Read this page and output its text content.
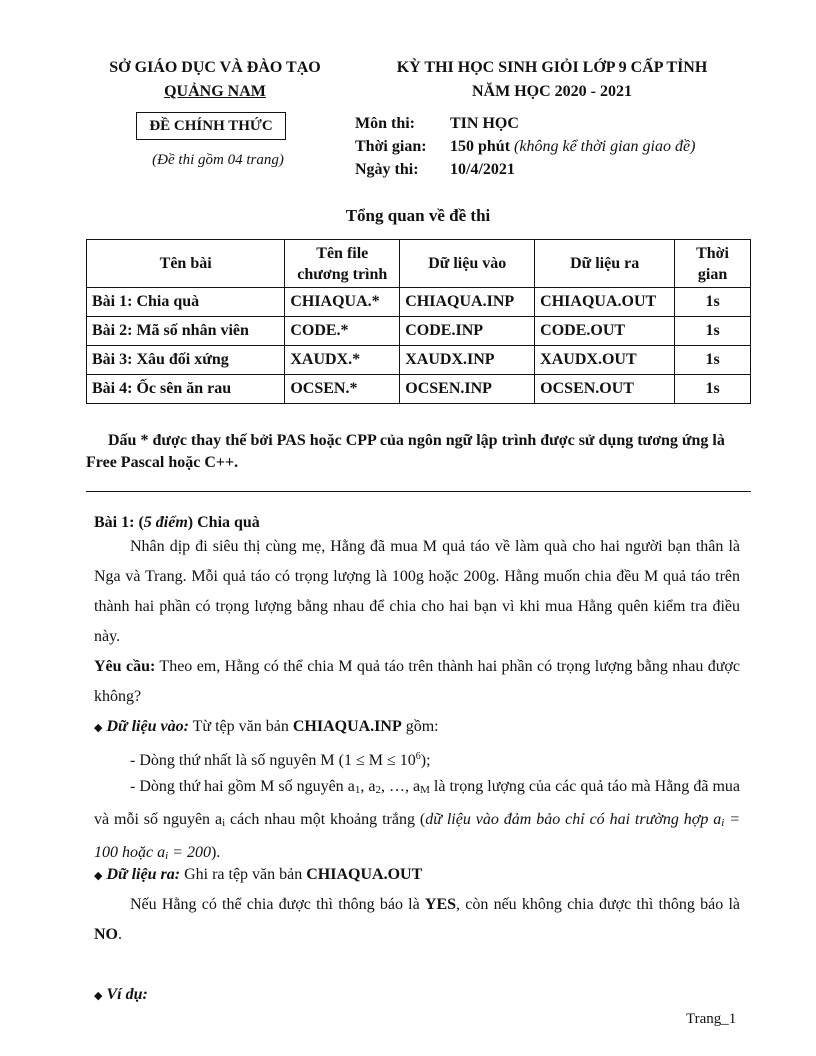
SỞ GIÁO DỤC VÀ ĐÀO TẠO
QUẢNG NAM
KỲ THI HỌC SINH GIỎI LỚP 9 CẤP TỈNH
NĂM HỌC 2020 - 2021
ĐỀ CHÍNH THỨC
(Đề thi gồm 04 trang)
Môn thi: TIN HỌC
Thời gian: 150 phút (không kể thời gian giao đề)
Ngày thi: 10/4/2021
Tổng quan về đề thi
Tên bài	Tên file chương trình	Dữ liệu vào	Dữ liệu ra	Thời gian
Bài 1: Chia quà	CHIAQUA.*	CHIAQUA.INP	CHIAQUA.OUT	1s
Bài 2: Mã số nhân viên	CODE.*	CODE.INP	CODE.OUT	1s
Bài 3: Xâu đối xứng	XAUDX.*	XAUDX.INP	XAUDX.OUT	1s
Bài 4: Ốc sên ăn rau	OCSEN.*	OCSEN.INP	OCSEN.OUT	1s
Dấu * được thay thế bởi PAS hoặc CPP của ngôn ngữ lập trình được sử dụng tương ứng là Free Pascal hoặc C++.
Bài 1: (5 điểm) Chia quà
Nhân dịp đi siêu thị cùng mẹ, Hằng đã mua M quả táo về làm quà cho hai người bạn thân là Nga và Trang. Mỗi quả táo có trọng lượng là 100g hoặc 200g. Hằng muốn chia đều M quả táo trên thành hai phần có trọng lượng bằng nhau để chia cho hai bạn vì khi mua Hằng quên kiểm tra điều này.
Yêu cầu: Theo em, Hằng có thể chia M quả táo trên thành hai phần có trọng lượng bằng nhau được không?
◆ Dữ liệu vào: Từ tệp văn bản CHIAQUA.INP gồm:
- Dòng thứ nhất là số nguyên M $(1 \le M \le 10^6)$;
- Dòng thứ hai gồm M số nguyên a1, a2, …, aM là trọng lượng của các quả táo mà Hằng đã mua và mỗi số nguyên ai cách nhau một khoảng trắng (dữ liệu vào đảm bảo chỉ có hai trường hợp ai = 100 hoặc ai = 200).
◆ Dữ liệu ra: Ghi ra tệp văn bản CHIAQUA.OUT
Nếu Hằng có thể chia được thì thông báo là YES, còn nếu không chia được thì thông báo là NO.
◆ Ví dụ:
Trang_1
